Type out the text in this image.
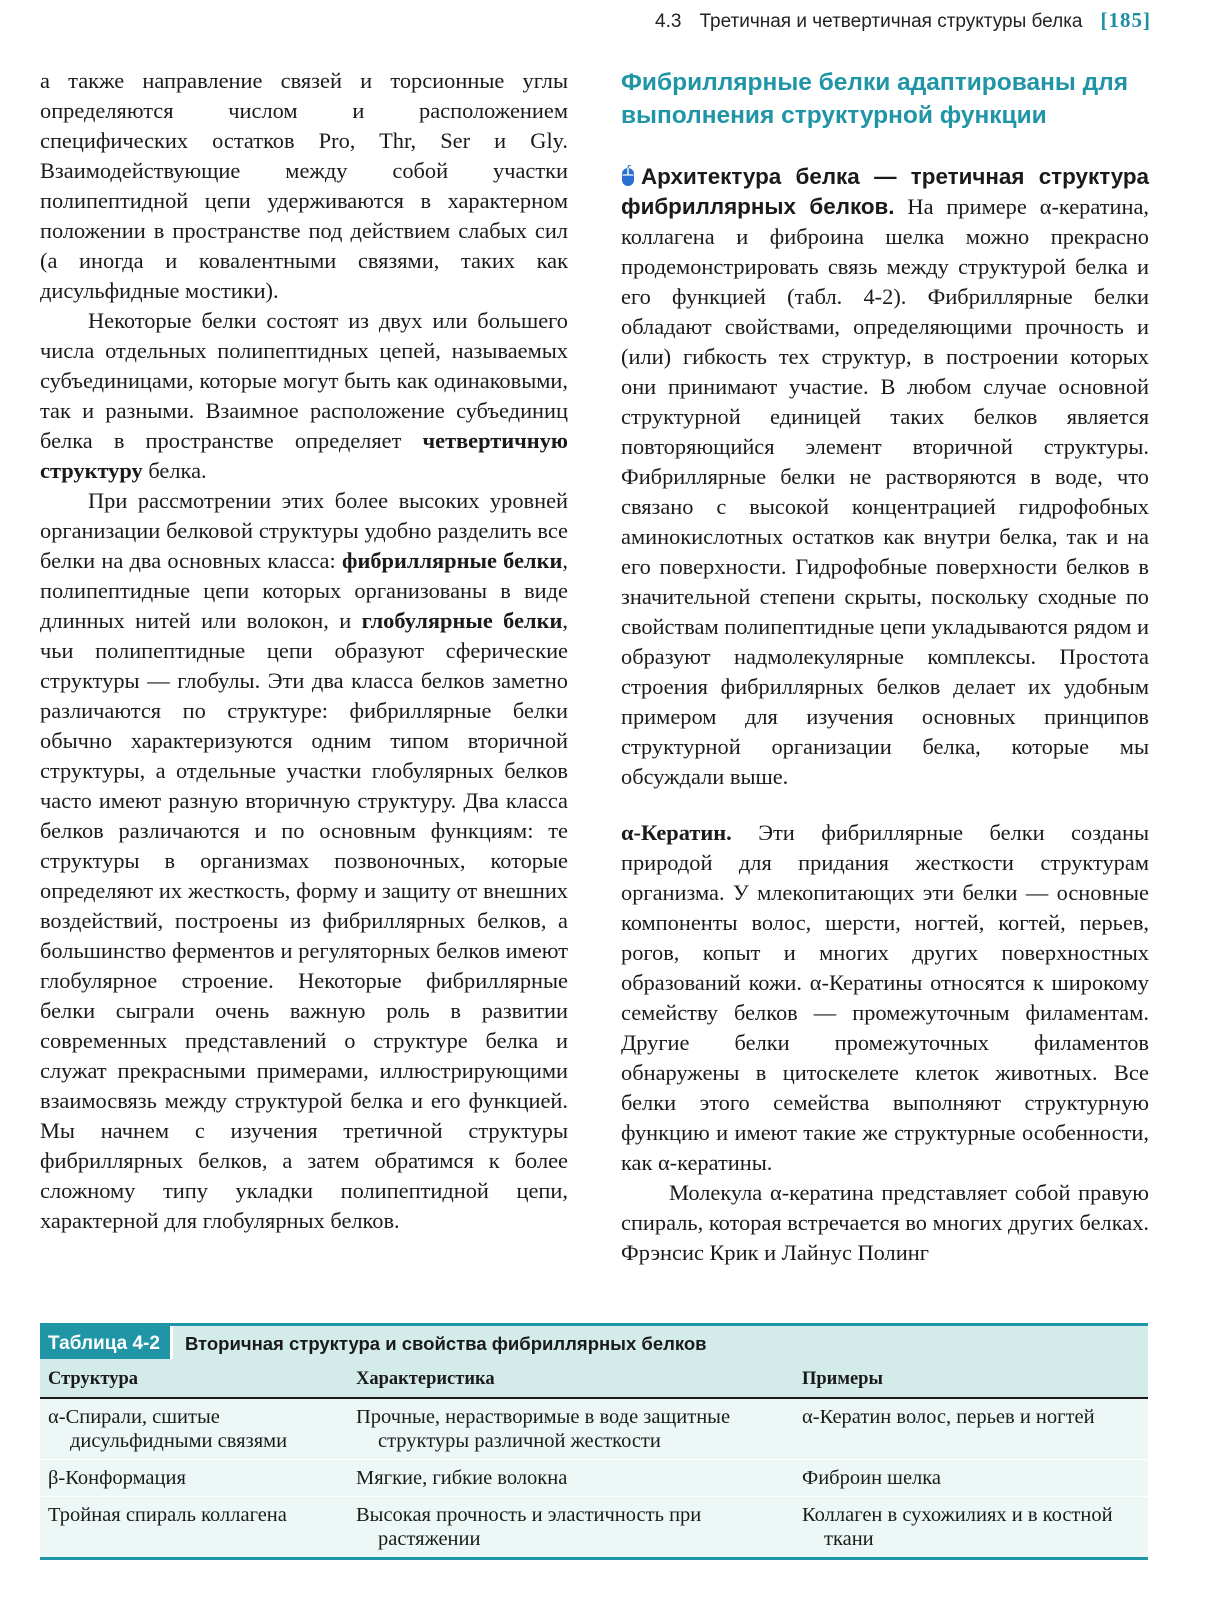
4.3 Третичная и четвертичная структуры белка [185]

а также направление связей и торсионные углы определяются числом и расположением специфических остатков Pro, Thr, Ser и Gly. Взаимодействующие между собой участки полипептидной цепи удерживаются в характерном положении в пространстве под действием слабых сил (а иногда и ковалентными связями, таких как дисульфидные мостики).

Некоторые белки состоят из двух или большего числа отдельных полипептидных цепей, называемых субъединицами, которые могут быть как одинаковыми, так и разными. Взаимное расположение субъединиц белка в пространстве определяет четвертичную структуру белка.

При рассмотрении этих более высоких уровней организации белковой структуры удобно разделить все белки на два основных класса: фибриллярные белки, полипептидные цепи которых организованы в виде длинных нитей или волокон, и глобулярные белки, чьи полипептидные цепи образуют сферические структуры — глобулы. Эти два класса белков заметно различаются по структуре: фибриллярные белки обычно характеризуются одним типом вторичной структуры, а отдельные участки глобулярных белков часто имеют разную вторичную структуру. Два класса белков различаются и по основным функциям: те структуры в организмах позвоночных, которые определяют их жесткость, форму и защиту от внешних воздействий, построены из фибриллярных белков, а большинство ферментов и регуляторных белков имеют глобулярное строение. Некоторые фибриллярные белки сыграли очень важную роль в развитии современных представлений о структуре белка и служат прекрасными примерами, иллюстрирующими взаимосвязь между структурой белка и его функцией. Мы начнем с изучения третичной структуры фибриллярных белков, а затем обратимся к более сложному типу укладки полипептидной цепи, характерной для глобулярных белков.

Фибриллярные белки адаптированы для выполнения структурной функции

Архитектура белка — третичная структура фибриллярных белков. На примере α-кератина, коллагена и фиброина шелка можно прекрасно продемонстрировать связь между структурой белка и его функцией (табл. 4-2). Фибриллярные белки обладают свойствами, определяющими прочность и (или) гибкость тех структур, в построении которых они принимают участие. В любом случае основной структурной единицей таких белков является повторяющийся элемент вторичной структуры. Фибриллярные белки не растворяются в воде, что связано с высокой концентрацией гидрофобных аминокислотных остатков как внутри белка, так и на его поверхности. Гидрофобные поверхности белков в значительной степени скрыты, поскольку сходные по свойствам полипептидные цепи укладываются рядом и образуют надмолекулярные комплексы. Простота строения фибриллярных белков делает их удобным примером для изучения основных принципов структурной организации белка, которые мы обсуждали выше.

α-Кератин. Эти фибриллярные белки созданы природой для придания жесткости структурам организма. У млекопитающих эти белки — основные компоненты волос, шерсти, ногтей, когтей, перьев, рогов, копыт и многих других поверхностных образований кожи. α-Кератины относятся к широкому семейству белков — промежуточным филаментам. Другие белки промежуточных филаментов обнаружены в цитоскелете клеток животных. Все белки этого семейства выполняют структурную функцию и имеют такие же структурные особенности, как α-кератины.

Молекула α-кератина представляет собой правую спираль, которая встречается во многих других белках. Фрэнсис Крик и Лайнус Полинг

Таблица 4-2 Вторичная структура и свойства фибриллярных белков		

Структура	Характеристика	Примеры

α-Спирали, сшитые дисульфидными связями	Прочные, нерастворимые в воде защитные структуры различной жесткости	α-Кератин волос, перьев и ногтей

β-Конформация	Мягкие, гибкие волокна	Фиброин шелка

Тройная спираль коллагена	Высокая прочность и эластичность при растяжении	Коллаген в сухожилиях и в костной ткани
